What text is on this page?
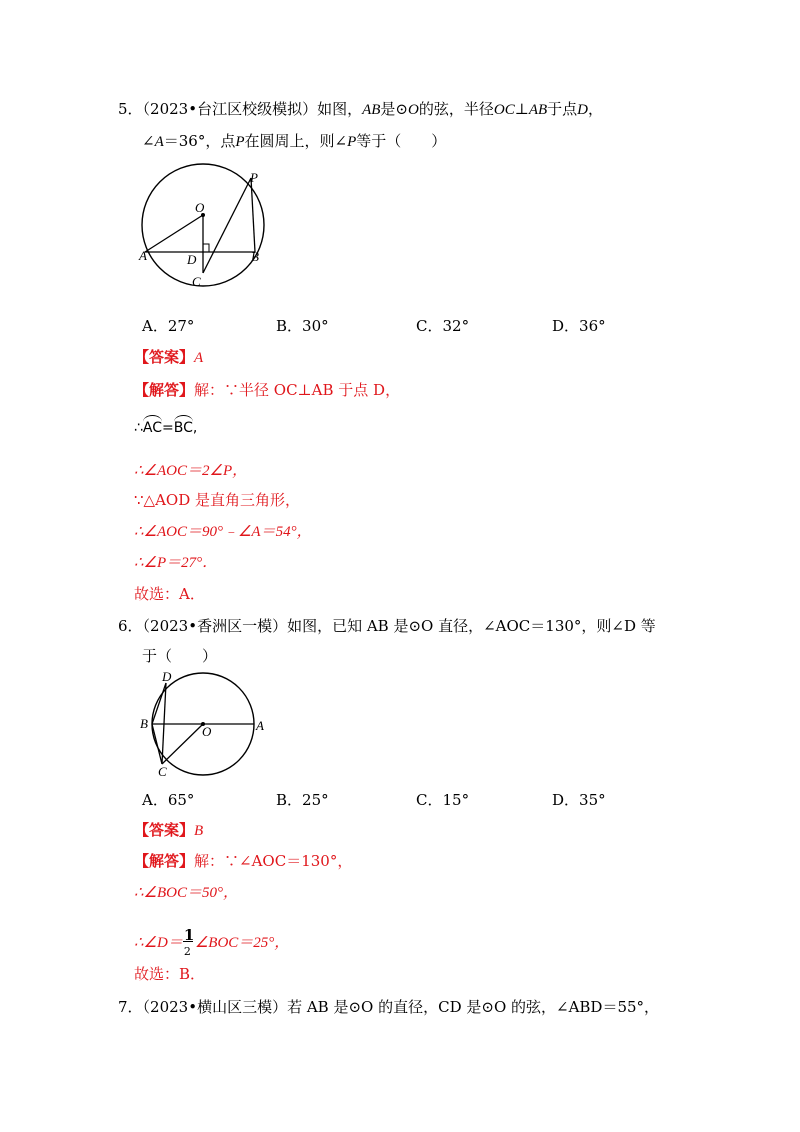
5．（2023•台江区校级模拟）如图，AB是⊙O的弦，半径OC⊥AB于点D，
∠A＝36°，点P在圆周上，则∠P等于（　　）
O
P
A	D	B
C
A．27°	B．30°	C．32°	D．36°
【答案】A
【解答】解：∵半径 OC⊥AB 于点 D，
∴AC=BC,
∴∠AOC＝2∠P，
∵△AOD 是直角三角形，
∴∠AOC＝90°﹣∠A＝54°，
∴∠P＝27°．
故选：A．
6．（2023•香洲区一模）如图，已知 AB 是⊙O 直径，∠AOC＝130°，则∠D 等
于（　　）
D
B
O	A
C
A．65°	B．25°	C．15°	D．35°
【答案】B
【解答】解：∵∠AOC＝130°，
∴∠BOC＝50°，
∴∠D＝
$\frac{1}{2}$
∠BOC＝25°，
故选：B．
7．（2023•横山区三模）若 AB 是⊙O 的直径，CD 是⊙O 的弦，∠ABD＝55°，
